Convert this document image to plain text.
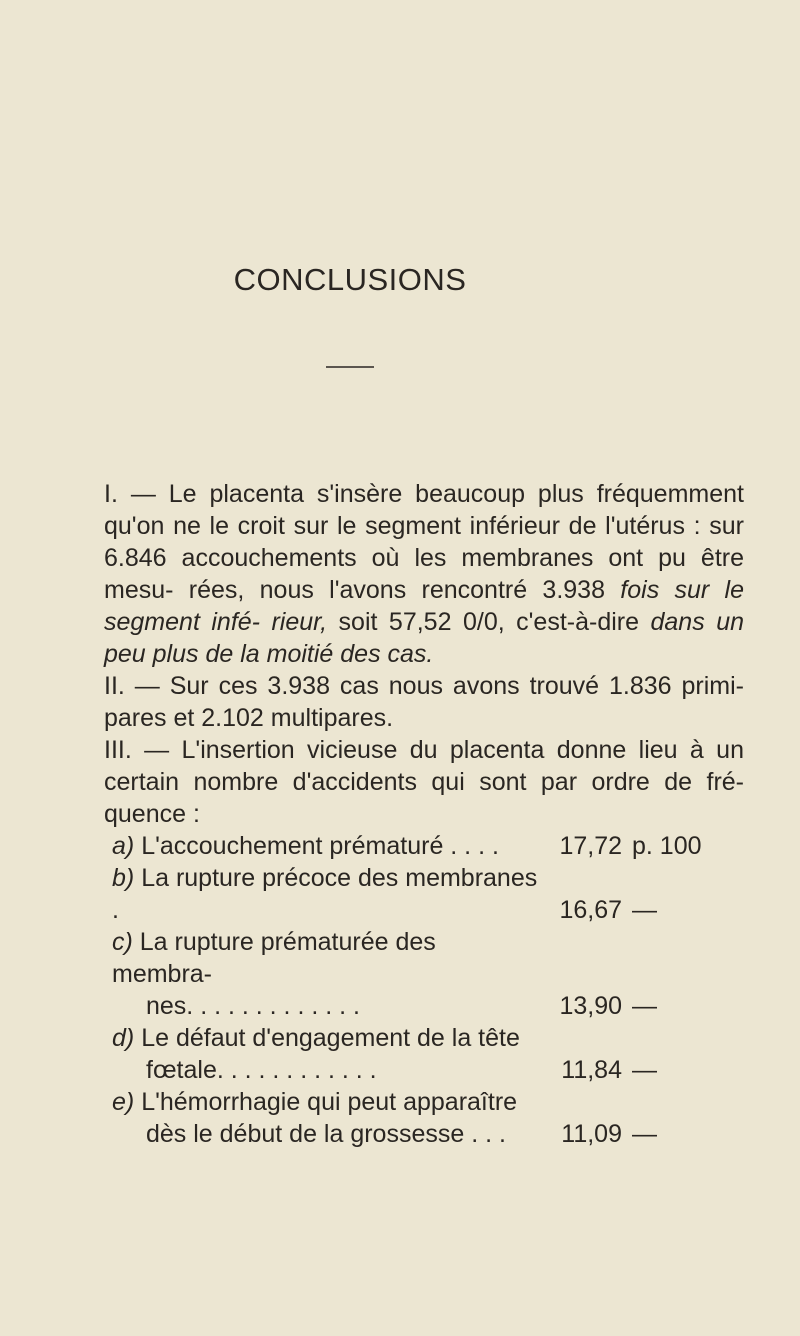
CONCLUSIONS

I. — Le placenta s'insère beaucoup plus fréquemment qu'on ne le croit sur le segment inférieur de l'utérus : sur 6.846 accouchements où les membranes ont pu être mesu- rées, nous l'avons rencontré 3.938 fois sur le segment infé- rieur, soit 57,52 0/0, c'est-à-dire dans un peu plus de la moitié des cas.

II. — Sur ces 3.938 cas nous avons trouvé 1.836 primi- pares et 2.102 multipares.

III. — L'insertion vicieuse du placenta donne lieu à un certain nombre d'accidents qui sont par ordre de fré- quence :

a) L'accouchement prématuré . . . .	17,72 p. 100
b) La rupture précoce des membranes .	16,67 —
c) La rupture prématurée des membra-
nes. . . . . . . . . . . . .	13,90 —
d) Le défaut d'engagement de la tête
fœtale. . . . . . . . . . . .	11,84 —
e) L'hémorrhagie qui peut apparaître
dès le début de la grossesse . . .	11,09 —
